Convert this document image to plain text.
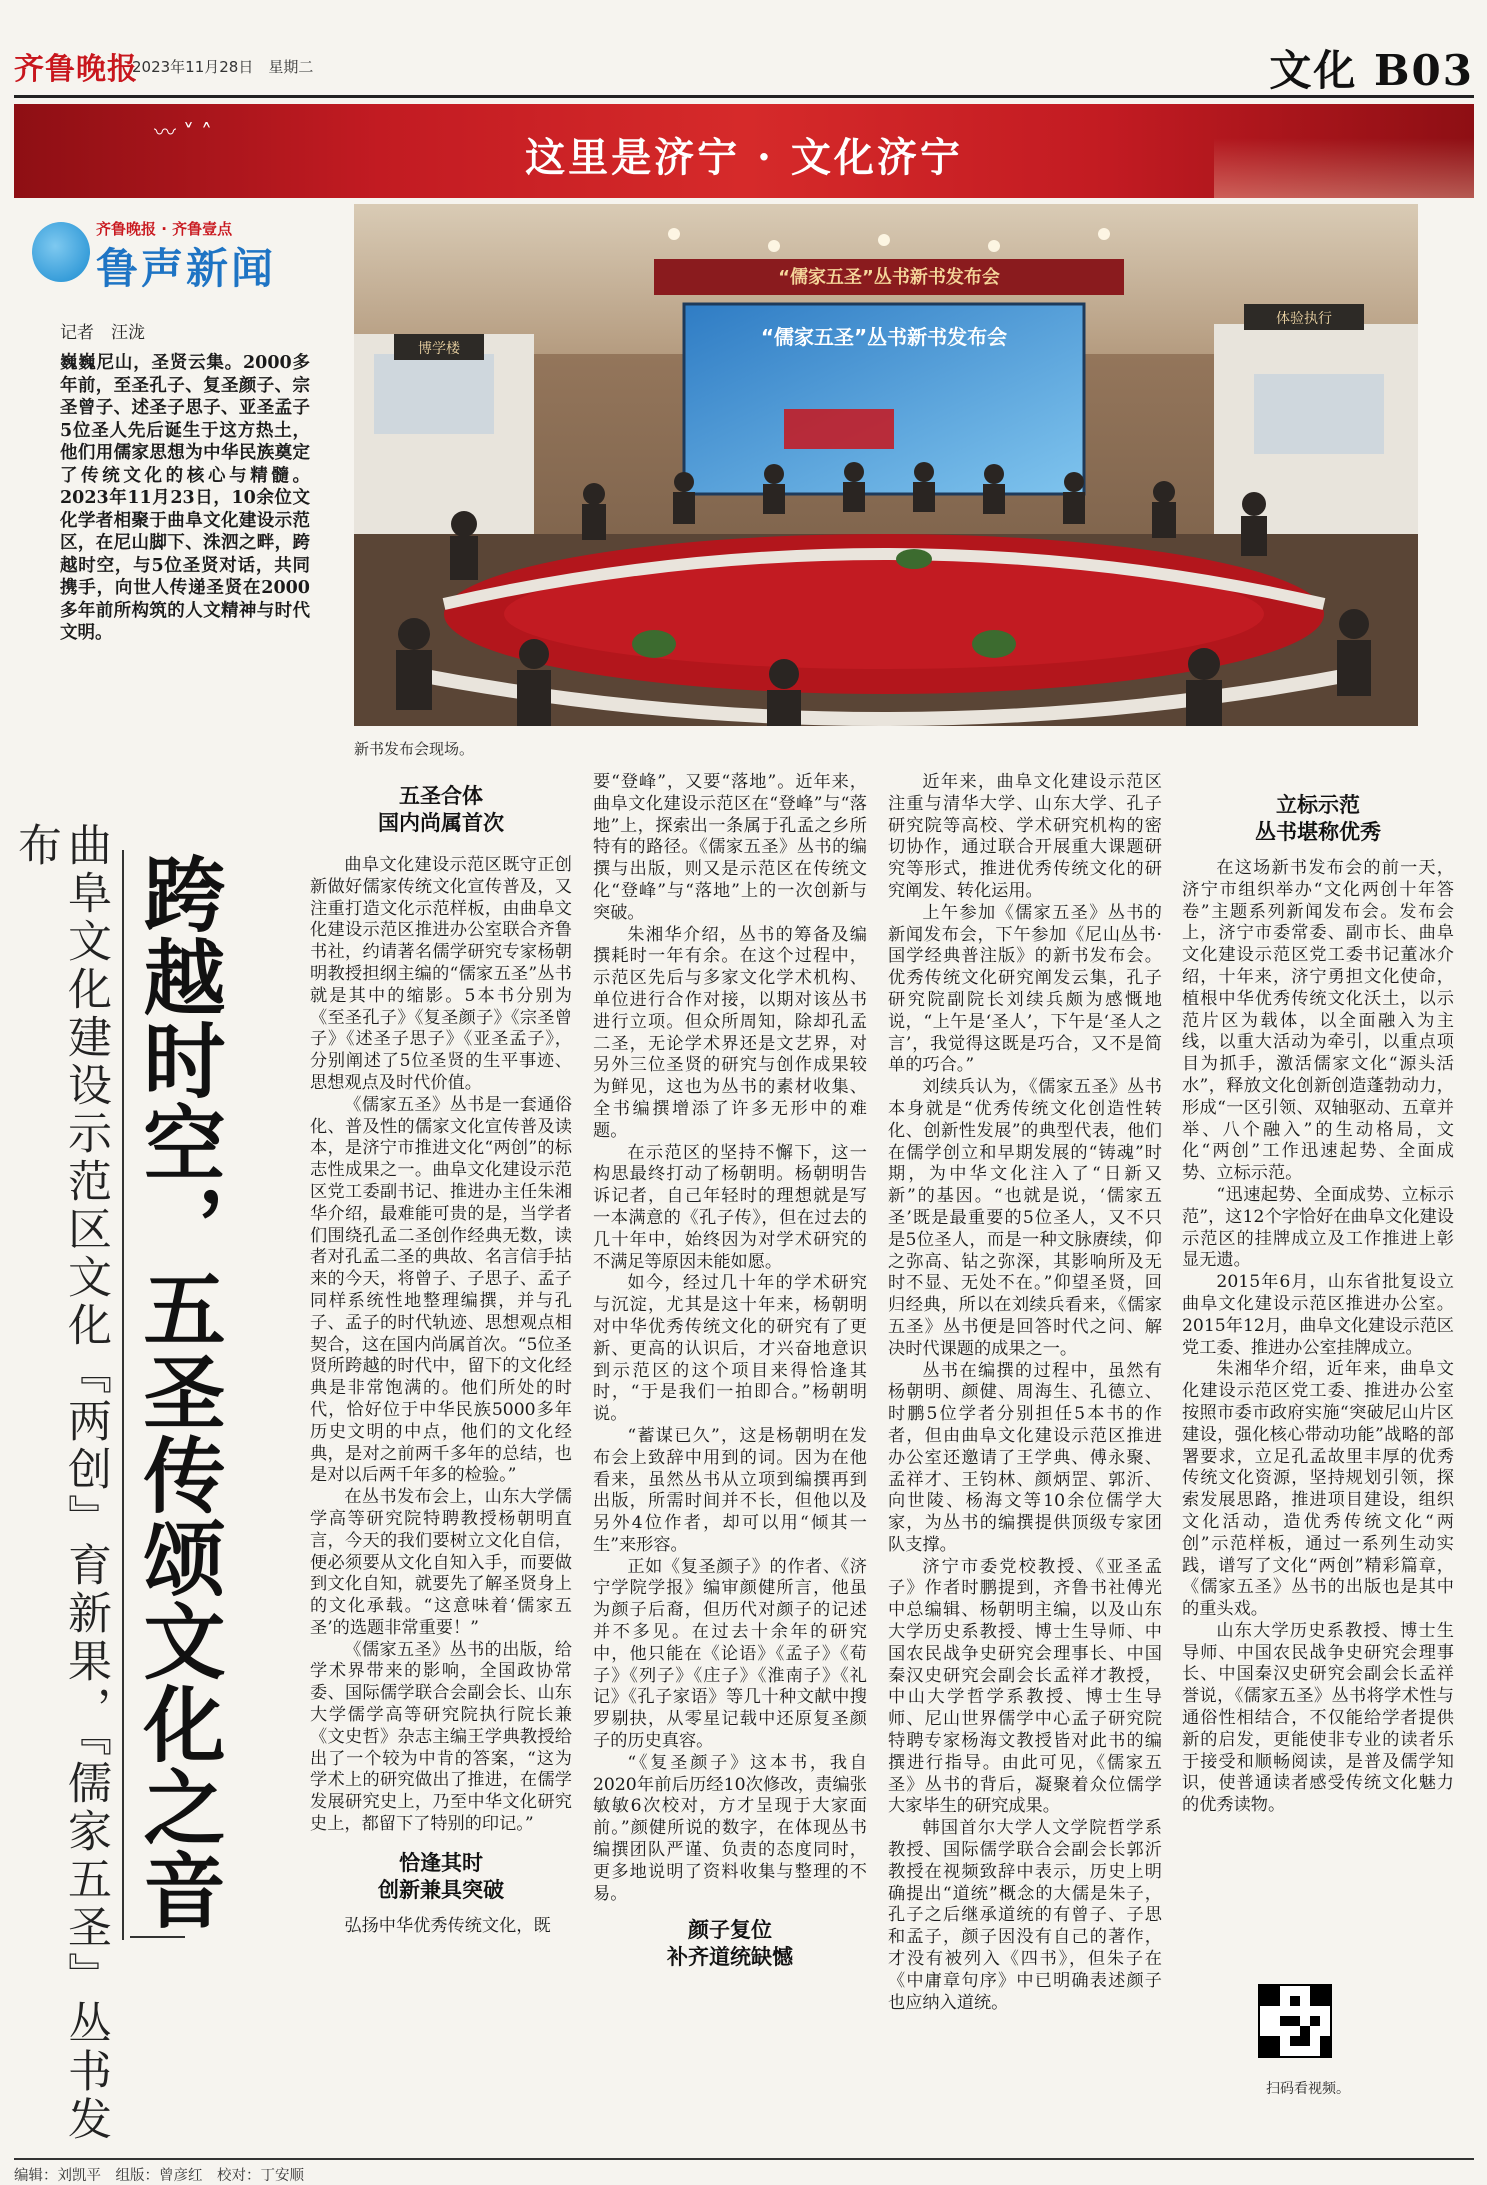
齐鲁晚报
2023年11月28日　星期二	文化 B03
〰 ˅ ˄
这里是济宁 · 文化济宁
齐鲁晚报 · 齐鲁壹点
鲁声新闻
记者　汪泷
巍巍尼山，圣贤云集。2000多年前，至圣孔子、复圣颜子、宗圣曾子、述圣子思子、亚圣孟子5位圣人先后诞生于这方热土，他们用儒家思想为中华民族奠定了传统文化的核心与精髓。2023年11月23日，10余位文化学者相聚于曲阜文化建设示范区，在尼山脚下、洙泗之畔，跨越时空，与5位圣贤对话，共同携手，向世人传递圣贤在2000多年前所构筑的人文精神与时代文明。
博学楼
体验执行
“儒家五圣”丛书新书发布会
“儒家五圣”丛书新书发布会
新书发布会现场。
曲阜文化建设示范区文化『两创』育新果，『儒家五圣』丛书发布
跨越时空，五圣传颂文化之音
五圣合体
国内尚属首次

曲阜文化建设示范区既守正创新做好儒家传统文化宣传普及，又注重打造文化示范样板，由曲阜文化建设示范区推进办公室联合齐鲁书社，约请著名儒学研究专家杨朝明教授担纲主编的“儒家五圣”丛书就是其中的缩影。5本书分别为《至圣孔子》《复圣颜子》《宗圣曾子》《述圣子思子》《亚圣孟子》，分别阐述了5位圣贤的生平事迹、思想观点及时代价值。

《儒家五圣》丛书是一套通俗化、普及性的儒家文化宣传普及读本，是济宁市推进文化“两创”的标志性成果之一。曲阜文化建设示范区党工委副书记、推进办主任朱湘华介绍，最难能可贵的是，当学者们围绕孔孟二圣创作经典无数，读者对孔孟二圣的典故、名言信手拈来的今天，将曾子、子思子、孟子同样系统性地整理编撰，并与孔子、孟子的时代轨迹、思想观点相契合，这在国内尚属首次。“5位圣贤所跨越的时代中，留下的文化经典是非常饱满的。他们所处的时代，恰好位于中华民族5000多年历史文明的中点，他们的文化经典，是对之前两千多年的总结，也是对以后两千年多的检验。”

在丛书发布会上，山东大学儒学高等研究院特聘教授杨朝明直言，今天的我们要树立文化自信，便必须要从文化自知入手，而要做到文化自知，就要先了解圣贤身上的文化承载。“这意味着‘儒家五圣’的选题非常重要！”

《儒家五圣》丛书的出版，给学术界带来的影响，全国政协常委、国际儒学联合会副会长、山东大学儒学高等研究院执行院长兼《文史哲》杂志主编王学典教授给出了一个较为中肯的答案，“这为学术上的研究做出了推进，在儒学发展研究史上，乃至中华文化研究史上，都留下了特别的印记。”

恰逢其时
创新兼具突破

弘扬中华优秀传统文化，既

要“登峰”，又要“落地”。近年来，曲阜文化建设示范区在“登峰”与“落地”上，探索出一条属于孔孟之乡所特有的路径。《儒家五圣》丛书的编撰与出版，则又是示范区在传统文化“登峰”与“落地”上的一次创新与突破。

朱湘华介绍，丛书的筹备及编撰耗时一年有余。在这个过程中，示范区先后与多家文化学术机构、单位进行合作对接，以期对该丛书进行立项。但众所周知，除却孔孟二圣，无论学术界还是文艺界，对另外三位圣贤的研究与创作成果较为鲜见，这也为丛书的素材收集、全书编撰增添了许多无形中的难题。

在示范区的坚持不懈下，这一构思最终打动了杨朝明。杨朝明告诉记者，自己年轻时的理想就是写一本满意的《孔子传》，但在过去的几十年中，始终因为对学术研究的不满足等原因未能如愿。

如今，经过几十年的学术研究与沉淀，尤其是这十年来，杨朝明对中华优秀传统文化的研究有了更新、更高的认识后，才兴奋地意识到示范区的这个项目来得恰逢其时，“于是我们一拍即合。”杨朝明说。

“蓄谋已久”，这是杨朝明在发布会上致辞中用到的词。因为在他看来，虽然丛书从立项到编撰再到出版，所需时间并不长，但他以及另外4位作者，却可以用“倾其一生”来形容。

正如《复圣颜子》的作者、《济宁学院学报》编审颜健所言，他虽为颜子后裔，但历代对颜子的记述并不多见。在过去十余年的研究中，他只能在《论语》《孟子》《荀子》《列子》《庄子》《淮南子》《礼记》《孔子家语》等几十种文献中搜罗剔抉，从零星记载中还原复圣颜子的历史真容。

“《复圣颜子》这本书，我自2020年前后历经10次修改，责编张敏敏6次校对，方才呈现于大家面前。”颜健所说的数字，在体现丛书编撰团队严谨、负责的态度同时，更多地说明了资料收集与整理的不易。

颜子复位
补齐道统缺憾

近年来，曲阜文化建设示范区注重与清华大学、山东大学、孔子研究院等高校、学术研究机构的密切协作，通过联合开展重大课题研究等形式，推进优秀传统文化的研究阐发、转化运用。

上午参加《儒家五圣》丛书的新闻发布会，下午参加《尼山丛书·国学经典普注版》的新书发布会。优秀传统文化研究阐发云集，孔子研究院副院长刘续兵颇为感慨地说，“上午是‘圣人’，下午是‘圣人之言’，我觉得这既是巧合，又不是简单的巧合。”

刘续兵认为，《儒家五圣》丛书本身就是“优秀传统文化创造性转化、创新性发展”的典型代表，他们在儒学创立和早期发展的“铸魂”时期，为中华文化注入了“日新又新”的基因。“也就是说，‘儒家五圣’既是最重要的5位圣人，又不只是5位圣人，而是一种文脉赓续，仰之弥高、钻之弥深，其影响所及无时不显、无处不在。”仰望圣贤，回归经典，所以在刘续兵看来，《儒家五圣》丛书便是回答时代之问、解决时代课题的成果之一。

丛书在编撰的过程中，虽然有杨朝明、颜健、周海生、孔德立、时鹏5位学者分别担任5本书的作者，但由曲阜文化建设示范区推进办公室还邀请了王学典、傅永聚、孟祥才、王钧林、颜炳罡、郭沂、向世陵、杨海文等10余位儒学大家，为丛书的编撰提供顶级专家团队支撑。

济宁市委党校教授、《亚圣孟子》作者时鹏提到，齐鲁书社傅光中总编辑、杨朝明主编，以及山东大学历史系教授、博士生导师、中国农民战争史研究会理事长、中国秦汉史研究会副会长孟祥才教授，中山大学哲学系教授、博士生导师、尼山世界儒学中心孟子研究院特聘专家杨海文教授皆对此书的编撰进行指导。由此可见，《儒家五圣》丛书的背后，凝聚着众位儒学大家毕生的研究成果。

韩国首尔大学人文学院哲学系教授、国际儒学联合会副会长郭沂教授在视频致辞中表示，历史上明确提出“道统”概念的大儒是朱子，孔子之后继承道统的有曾子、子思和孟子，颜子因没有自己的著作，才没有被列入《四书》，但朱子在《中庸章句序》中已明确表述颜子也应纳入道统。

立标示范
丛书堪称优秀

在这场新书发布会的前一天，济宁市组织举办“文化两创十年答卷”主题系列新闻发布会。发布会上，济宁市委常委、副市长、曲阜文化建设示范区党工委书记董冰介绍，十年来，济宁勇担文化使命，植根中华优秀传统文化沃土，以示范片区为载体，以全面融入为主线，以重大活动为牵引，以重点项目为抓手，激活儒家文化“源头活水”，释放文化创新创造蓬勃动力，形成“一区引领、双轴驱动、五章并举、八个融入”的生动格局，文化“两创”工作迅速起势、全面成势、立标示范。

“迅速起势、全面成势、立标示范”，这12个字恰好在曲阜文化建设示范区的挂牌成立及工作推进上彰显无遗。

2015年6月，山东省批复设立曲阜文化建设示范区推进办公室。2015年12月，曲阜文化建设示范区党工委、推进办公室挂牌成立。

朱湘华介绍，近年来，曲阜文化建设示范区党工委、推进办公室按照市委市政府实施“突破尼山片区建设，强化核心带动功能”战略的部署要求，立足孔孟故里丰厚的优秀传统文化资源，坚持规划引领，探索发展思路，推进项目建设，组织文化活动，造优秀传统文化“两创”示范样板，通过一系列生动实践，谱写了文化“两创”精彩篇章，《儒家五圣》丛书的出版也是其中的重头戏。

山东大学历史系教授、博士生导师、中国农民战争史研究会理事长、中国秦汉史研究会副会长孟祥誉说，《儒家五圣》丛书将学术性与通俗性相结合，不仅能给学者提供新的启发，更能使非专业的读者乐于接受和顺畅阅读，是普及儒学知识，使普通读者感受传统文化魅力的优秀读物。

扫码看视频。
编辑：刘凯平　组版：曾彦红　校对：丁安顺
